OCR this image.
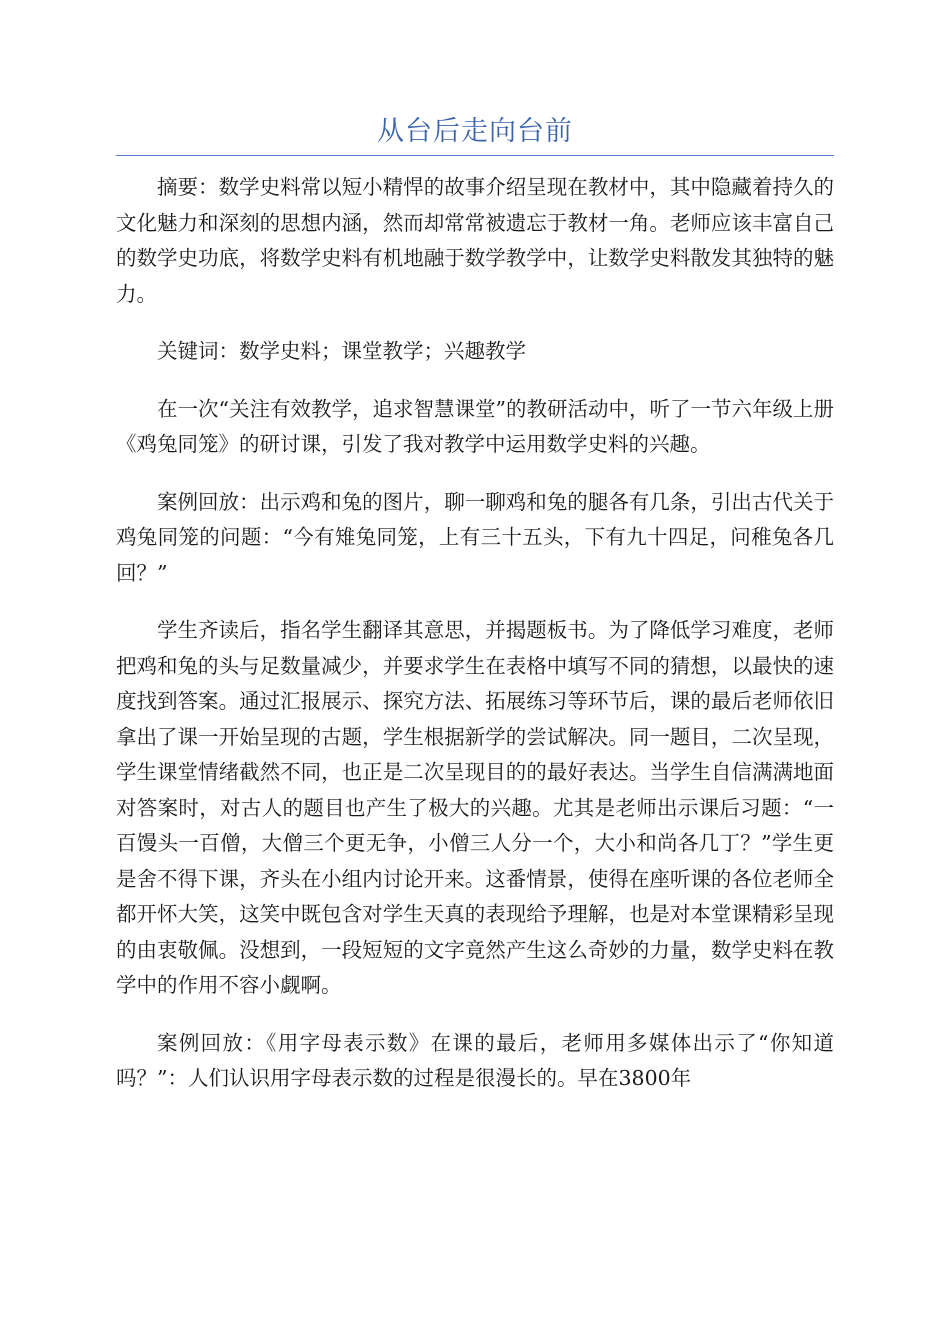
从台后走向台前

摘要：数学史料常以短小精悍的故事介绍呈现在教材中，其中隐藏着持久的文化魅力和深刻的思想内涵，然而却常常被遗忘于教材一角。老师应该丰富自己的数学史功底，将数学史料有机地融于数学教学中，让数学史料散发其独特的魅力。

关键词：数学史料；课堂教学；兴趣教学

在一次“关注有效教学，追求智慧课堂”的教研活动中，听了一节六年级上册《鸡兔同笼》的研讨课，引发了我对教学中运用数学史料的兴趣。

案例回放：出示鸡和兔的图片，聊一聊鸡和兔的腿各有几条，引出古代关于鸡兔同笼的问题：“今有雉兔同笼，上有三十五头，下有九十四足，问稚兔各几回？”

学生齐读后，指名学生翻译其意思，并揭题板书。为了降低学习难度，老师把鸡和兔的头与足数量减少，并要求学生在表格中填写不同的猜想，以最快的速度找到答案。通过汇报展示、探究方法、拓展练习等环节后，课的最后老师依旧拿出了课一开始呈现的古题，学生根据新学的尝试解决。同一题目，二次呈现，学生课堂情绪截然不同，也正是二次呈现目的的最好表达。当学生自信满满地面对答案时，对古人的题目也产生了极大的兴趣。尤其是老师出示课后习题：“一百馒头一百僧，大僧三个更无争，小僧三人分一个，大小和尚各几丁？”学生更是舍不得下课，齐头在小组内讨论开来。这番情景，使得在座听课的各位老师全都开怀大笑，这笑中既包含对学生天真的表现给予理解，也是对本堂课精彩呈现的由衷敬佩。没想到，一段短短的文字竟然产生这么奇妙的力量，数学史料在教学中的作用不容小觑啊。

案例回放：《用字母表示数》在课的最后，老师用多媒体出示了“你知道吗？”：人们认识用字母表示数的过程是很漫长的。早在3800年
